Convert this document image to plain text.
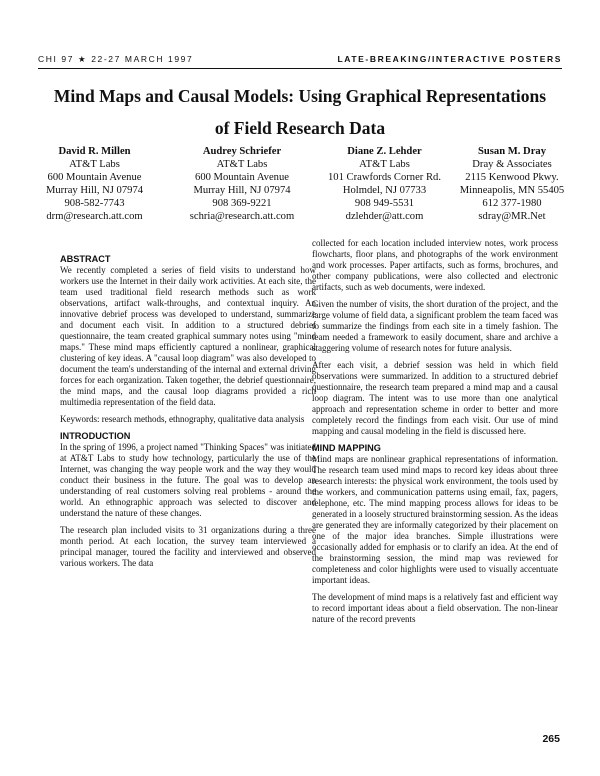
CHI 97 ★ 22-27 MARCH 1997	LATE-BREAKING/INTERACTIVE POSTERS
Mind Maps and Causal Models: Using Graphical Representations
of Field Research Data
David R. Millen
AT&T Labs
600 Mountain Avenue
Murray Hill, NJ 07974
908-582-7743
drm@research.att.com
Audrey Schriefer
AT&T Labs
600 Mountain Avenue
Murray Hill, NJ 07974
908 369-9221
schria@research.att.com
Diane Z. Lehder
AT&T Labs
101 Crawfords Corner Rd.
Holmdel, NJ 07733
908 949-5531
dzlehder@att.com
Susan M. Dray
Dray & Associates
2115 Kenwood Pkwy.
Minneapolis, MN 55405
612 377-1980
sdray@MR.Net
ABSTRACT

We recently completed a series of field visits to understand how workers use the Internet in their daily work activities. At each site, the team used traditional field research methods such as work observations, artifact walk-throughs, and contextual inquiry. An innovative debrief process was developed to understand, summarize and document each visit. In addition to a structured debrief questionnaire, the team created graphical summary notes using "mind maps." These mind maps efficiently captured a nonlinear, graphical clustering of key ideas. A "causal loop diagram" was also developed to document the team's understanding of the internal and external driving forces for each organization. Taken together, the debrief questionnaire, the mind maps, and the causal loop diagrams provided a rich multimedia representation of the field data.

Keywords: research methods, ethnography, qualitative data analysis

INTRODUCTION

In the spring of 1996, a project named "Thinking Spaces" was initiated at AT&T Labs to study how technology, particularly the use of the Internet, was changing the way people work and the way they would conduct their business in the future. The goal was to develop an understanding of real customers solving real problems - around the world. An ethnographic approach was selected to discover and understand the nature of these changes.

The research plan included visits to 31 organizations during a three month period. At each location, the survey team interviewed a principal manager, toured the facility and interviewed and observed various workers. The data

collected for each location included interview notes, work process flowcharts, floor plans, and photographs of the work environment and work processes. Paper artifacts, such as forms, brochures, and other company publications, were also collected and electronic artifacts, such as web documents, were indexed.

Given the number of visits, the short duration of the project, and the large volume of field data, a significant problem the team faced was to summarize the findings from each site in a timely fashion. The team needed a framework to easily document, share and archive a staggering volume of research notes for future analysis.

After each visit, a debrief session was held in which field observations were summarized. In addition to a structured debrief questionnaire, the research team prepared a mind map and a causal loop diagram. The intent was to use more than one analytical approach and representation scheme in order to better and more completely record the findings from each visit. Our use of mind mapping and causal modeling in the field is discussed here.

MIND MAPPING

Mind maps are nonlinear graphical representations of information. The research team used mind maps to record key ideas about three research interests: the physical work environment, the tools used by the workers, and communication patterns using email, fax, pagers, telephone, etc. The mind mapping process allows for ideas to be generated in a loosely structured brainstorming session. As the ideas are generated they are informally categorized by their placement on one of the major idea branches. Simple illustrations were occasionally added for emphasis or to clarify an idea. At the end of the brainstorming session, the mind map was reviewed for completeness and color highlights were used to visually accentuate important ideas.

The development of mind maps is a relatively fast and efficient way to record important ideas about a field observation. The non-linear nature of the record prevents

265
